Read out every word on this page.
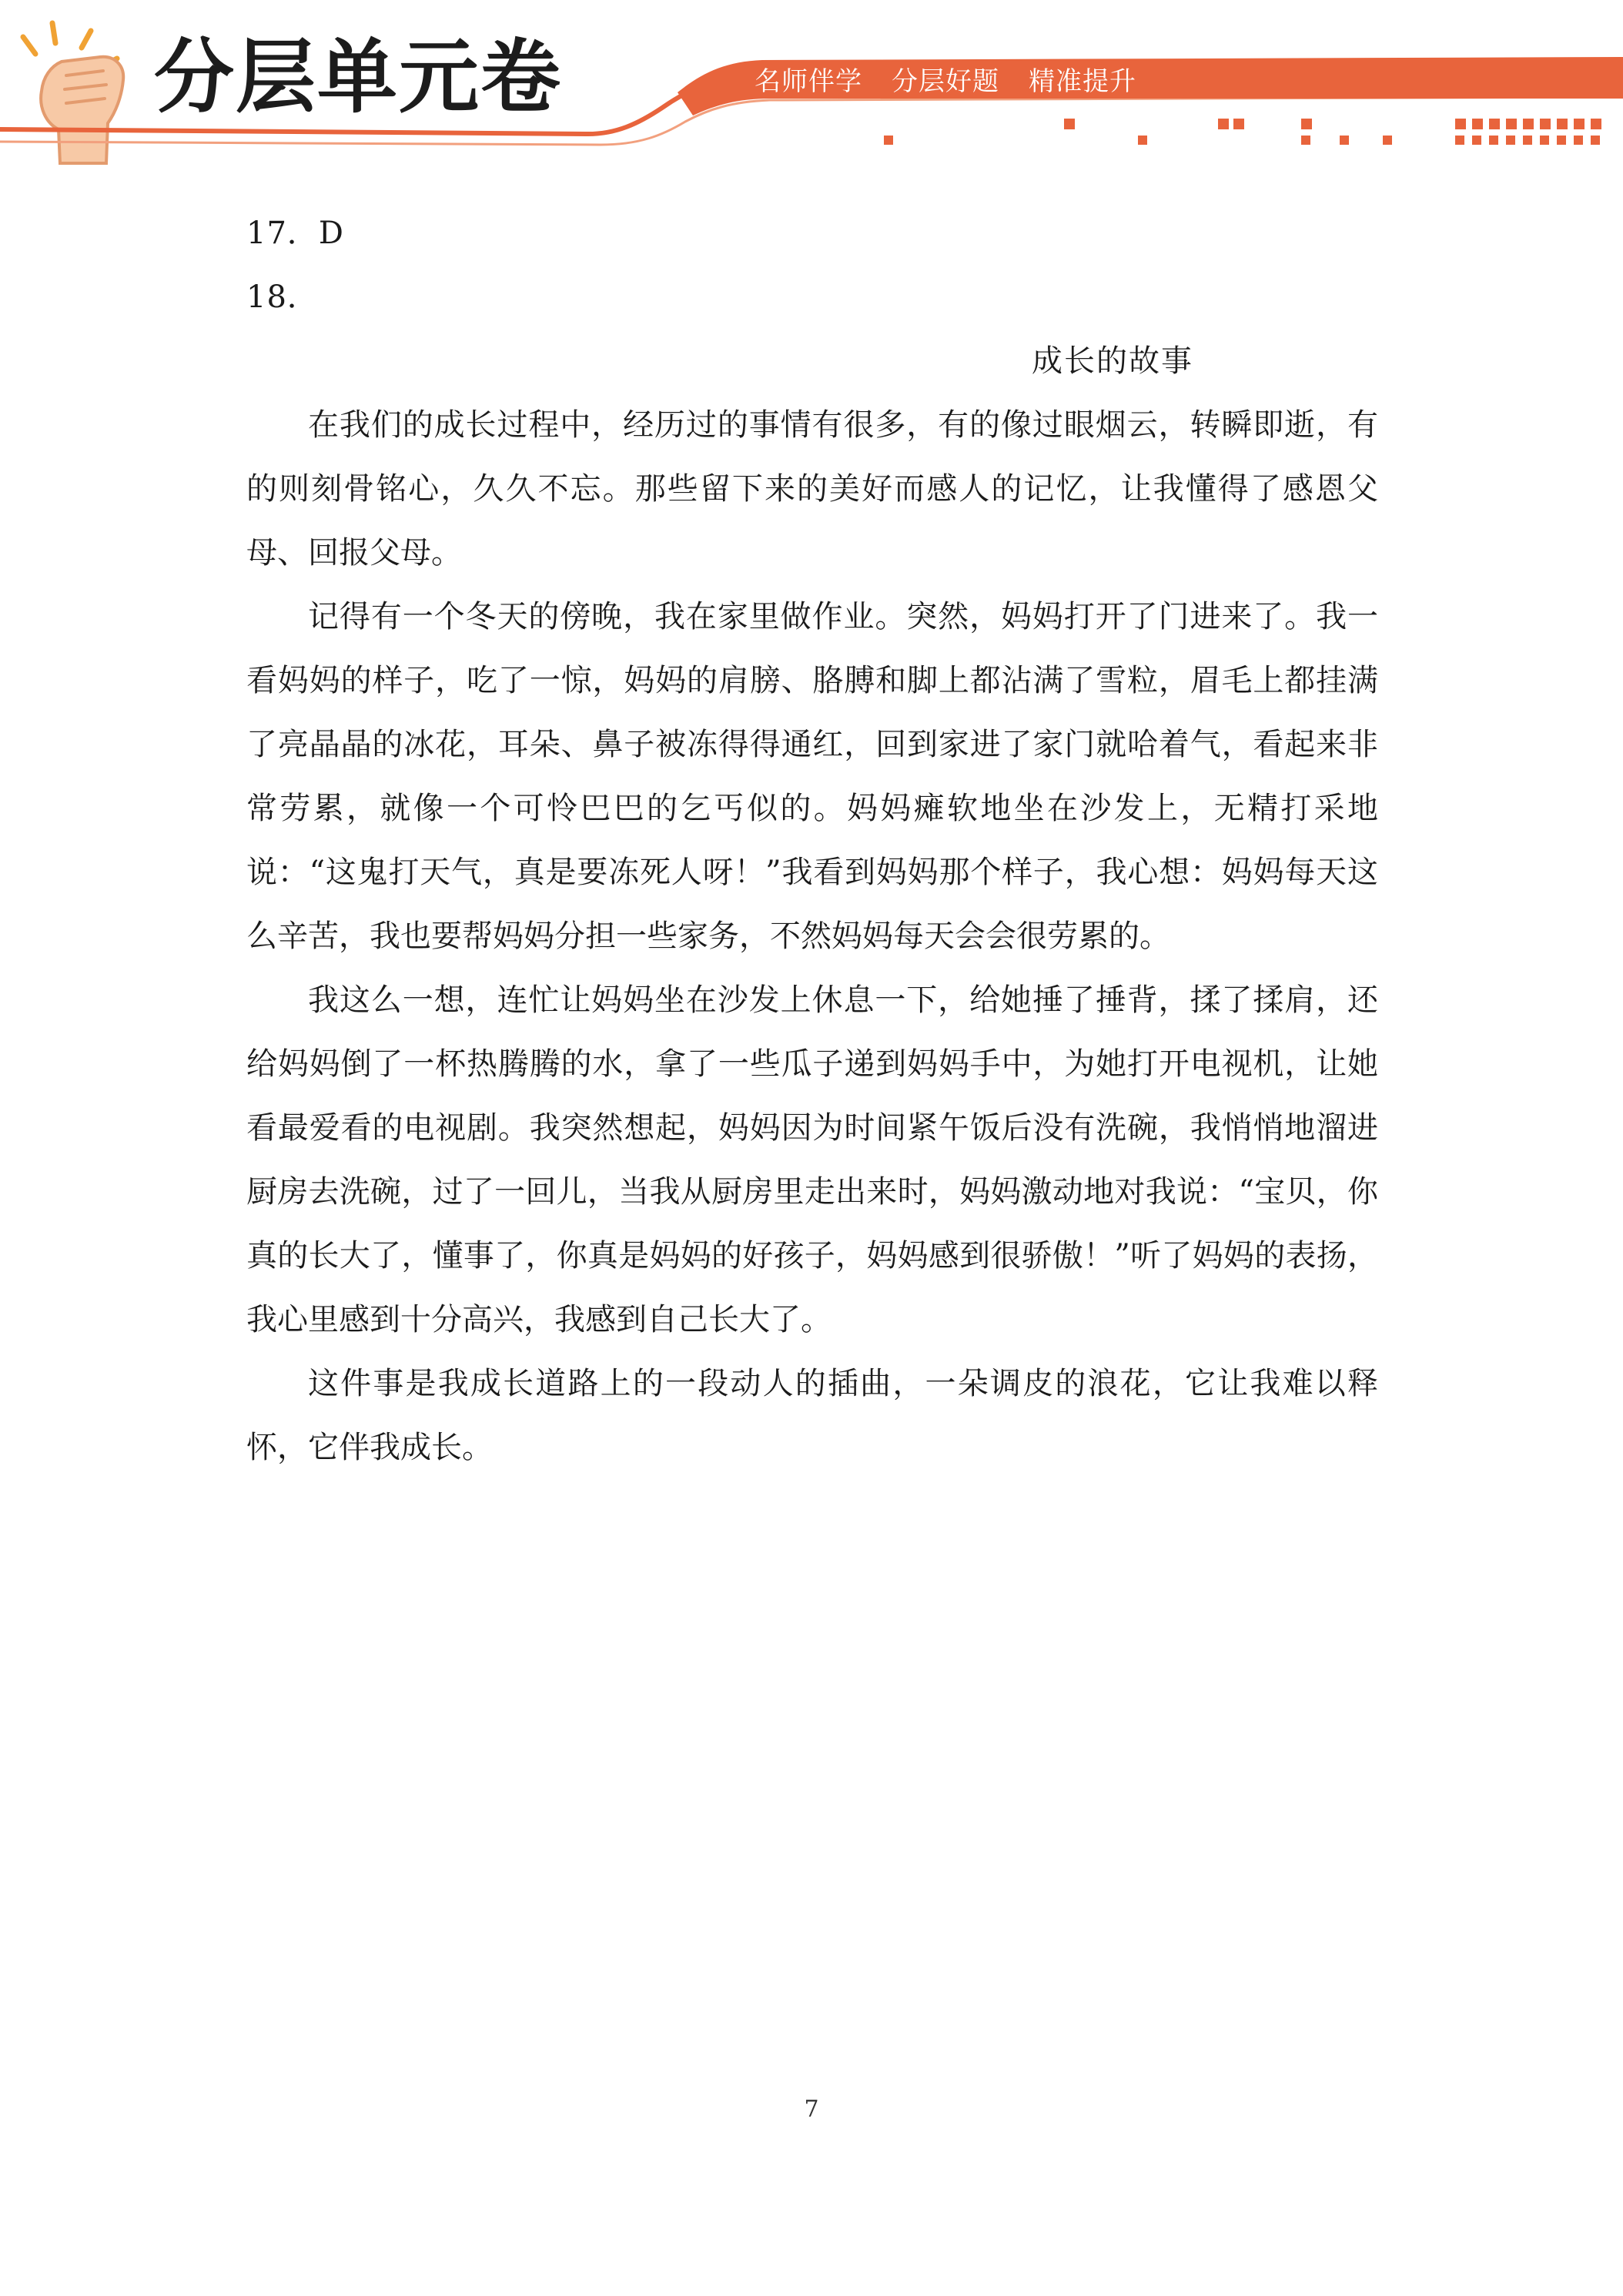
分层单元卷	名师伴学 分层好题 精准提升

17．D

18．

成长的故事

在我们的成长过程中，经历过的事情有很多，有的像过眼烟云，转瞬即逝，有的则刻骨铭心，久久不忘。那些留下来的美好而感人的记忆，让我懂得了感恩父母、回报父母。

记得有一个冬天的傍晚，我在家里做作业。突然，妈妈打开了门进来了。我一看妈妈的样子，吃了一惊，妈妈的肩膀、胳膊和脚上都沾满了雪粒，眉毛上都挂满了亮晶晶的冰花，耳朵、鼻子被冻得得通红，回到家进了家门就哈着气，看起来非常劳累，就像一个可怜巴巴的乞丐似的。妈妈瘫软地坐在沙发上，无精打采地说：“这鬼打天气，真是要冻死人呀！”我看到妈妈那个样子，我心想：妈妈每天这么辛苦，我也要帮妈妈分担一些家务，不然妈妈每天会会很劳累的。

我这么一想，连忙让妈妈坐在沙发上休息一下，给她捶了捶背，揉了揉肩，还给妈妈倒了一杯热腾腾的水，拿了一些瓜子递到妈妈手中，为她打开电视机，让她看最爱看的电视剧。我突然想起，妈妈因为时间紧午饭后没有洗碗，我悄悄地溜进厨房去洗碗，过了一回儿，当我从厨房里走出来时，妈妈激动地对我说：“宝贝，你真的长大了，懂事了，你真是妈妈的好孩子，妈妈感到很骄傲！”听了妈妈的表扬，我心里感到十分高兴，我感到自己长大了。

这件事是我成长道路上的一段动人的插曲，一朵调皮的浪花，它让我难以释怀，它伴我成长。

7
